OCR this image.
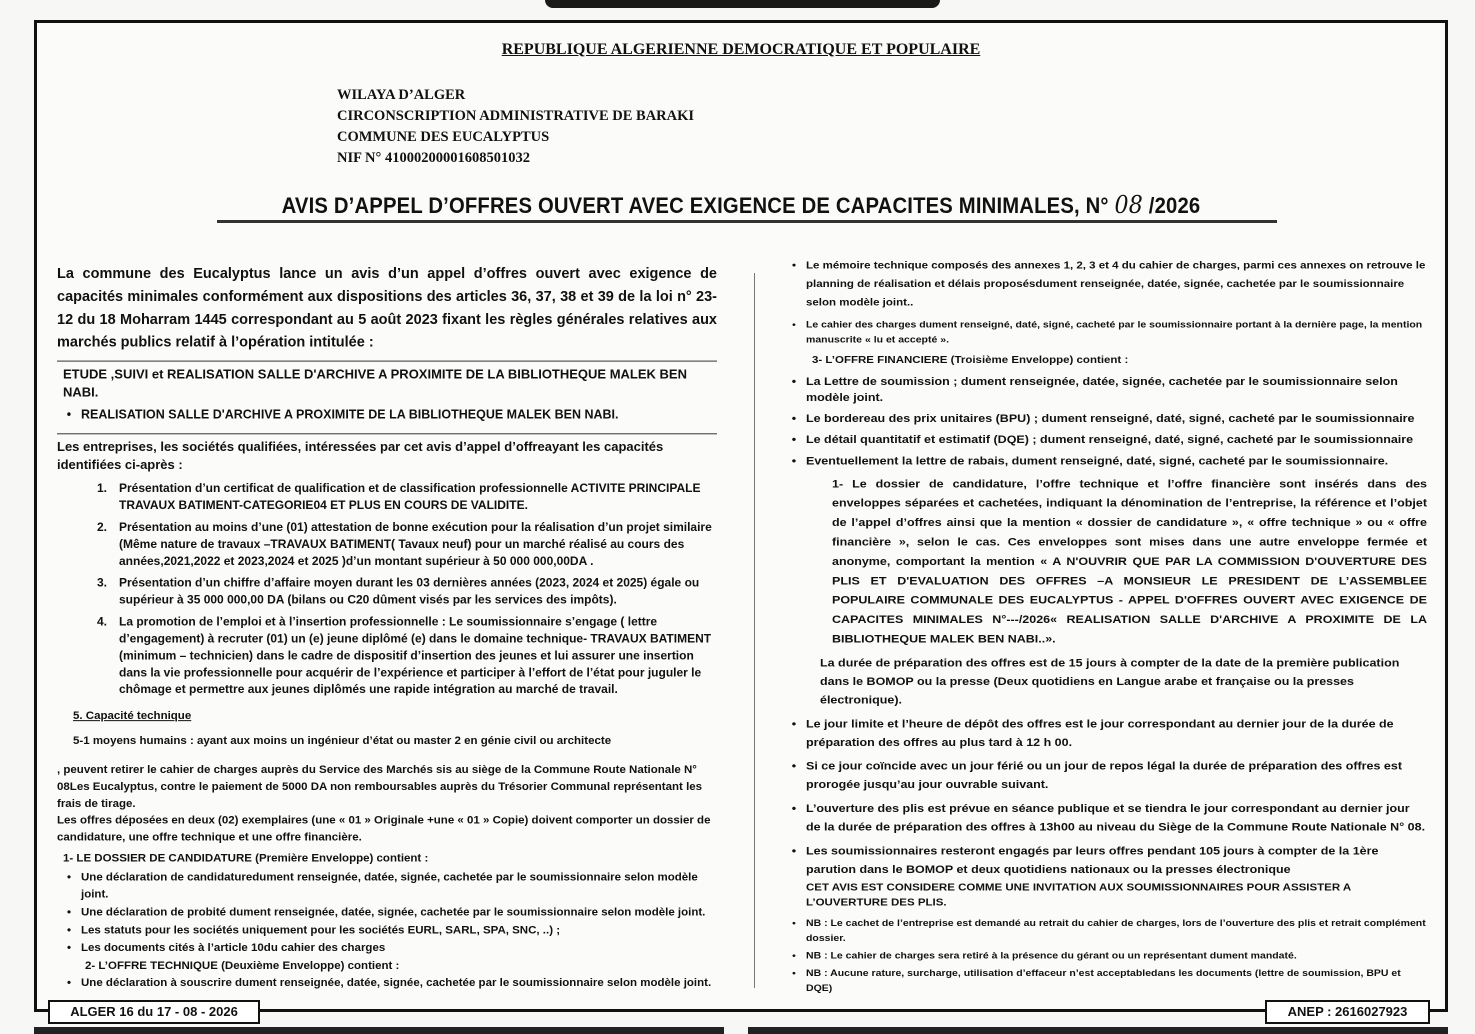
REPUBLIQUE ALGERIENNE DEMOCRATIQUE ET POPULAIRE
WILAYA D’ALGER
CIRCONSCRIPTION ADMINISTRATIVE DE BARAKI
COMMUNE DES EUCALYPTUS
NIF N° 41000200001608501032
AVIS D’APPEL D’OFFRES OUVERT AVEC EXIGENCE DE CAPACITES MINIMALES, N° 08 /2026
La commune des Eucalyptus lance un avis d’un appel d’offres ouvert avec exigence de capacités minimales conformément aux dispositions des articles 36, 37, 38 et 39 de la loi n° 23-12 du 18 Moharram 1445 correspondant au 5 août 2023 fixant les règles générales relatives aux marchés publics relatif à l’opération intitulée :
ETUDE ,SUIVI et REALISATION SALLE D'ARCHIVE A PROXIMITE DE LA BIBLIOTHEQUE MALEK BEN NABI.
• REALISATION SALLE D'ARCHIVE A PROXIMITE DE LA BIBLIOTHEQUE MALEK BEN NABI.
Les entreprises, les sociétés qualifiées, intéressées par cet avis d’appel d’offreayant les capacités identifiées ci-après :
1. Présentation d’un certificat de qualification et de classification professionnelle ACTIVITE PRINCIPALE TRAVAUX BATIMENT-CATEGORIE04 ET PLUS EN COURS DE VALIDITE.
2. Présentation au moins d’une (01) attestation de bonne exécution pour la réalisation d’un projet similaire (Même nature de travaux –TRAVAUX BATIMENT( Tavaux neuf) pour un marché réalisé au cours des années,2021,2022 et 2023,2024 et 2025 )d’un montant supérieur à 50 000 000,00DA .
3. Présentation d’un chiffre d’affaire moyen durant les 03 dernières années (2023, 2024 et 2025) égale ou supérieur à 35 000 000,00 DA (bilans ou C20 dûment visés par les services des impôts).
4. La promotion de l’emploi et à l’insertion professionnelle : Le soumissionnaire s’engage ( lettre d’engagement) à recruter (01) un (e) jeune diplômé (e) dans le domaine technique- TRAVAUX BATIMENT (minimum – technicien) dans le cadre de dispositif d’insertion des jeunes et lui assurer une insertion dans la vie professionnelle pour acquérir de l’expérience et participer à l’effort de l’état pour juguler le chômage et permettre aux jeunes diplômés une rapide intégration au marché de travail.
5. Capacité technique
5-1 moyens humains : ayant aux moins un ingénieur d’état ou master 2 en génie civil ou architecte
, peuvent retirer le cahier de charges auprès du Service des Marchés sis au siège de la Commune Route Nationale N° 08Les Eucalyptus, contre le paiement de 5000 DA non remboursables auprès du Trésorier Communal représentant les frais de tirage.
Les offres déposées en deux (02) exemplaires (une « 01 » Originale +une « 01 » Copie) doivent comporter un dossier de candidature, une offre technique et une offre financière.
1- LE DOSSIER DE CANDIDATURE (Première Enveloppe) contient :
• Une déclaration de candidaturedument renseignée, datée, signée, cachetée par le soumissionnaire selon modèle joint.
• Une déclaration de probité dument renseignée, datée, signée, cachetée par le soumissionnaire selon modèle joint.
• Les statuts pour les sociétés uniquement pour les sociétés EURL, SARL, SPA, SNC, ..) ;
• Les documents cités à l’article 10du cahier des charges
2- L’OFFRE TECHNIQUE (Deuxième Enveloppe) contient :
• Une déclaration à souscrire dument renseignée, datée, signée, cachetée par le soumissionnaire selon modèle joint.
• Le mémoire technique composés des annexes 1, 2, 3 et 4 du cahier de charges, parmi ces annexes on retrouve le planning de réalisation et délais proposésdument renseignée, datée, signée, cachetée par le soumissionnaire selon modèle joint..
• Le cahier des charges dument renseigné, daté, signé, cacheté par le soumissionnaire portant à la dernière page, la mention manuscrite « lu et accepté ».
3- L’OFFRE FINANCIERE (Troisième Enveloppe) contient :
• La Lettre de soumission ; dument renseignée, datée, signée, cachetée par le soumissionnaire selon modèle joint.
• Le bordereau des prix unitaires (BPU) ; dument renseigné, daté, signé, cacheté par le soumissionnaire
• Le détail quantitatif et estimatif (DQE) ; dument renseigné, daté, signé, cacheté par le soumissionnaire
• Eventuellement la lettre de rabais, dument renseigné, daté, signé, cacheté par le soumissionnaire.
1- Le dossier de candidature, l’offre technique et l’offre financière sont insérés dans des enveloppes séparées et cachetées, indiquant la dénomination de l’entreprise, la référence et l’objet de l’appel d’offres ainsi que la mention « dossier de candidature », « offre technique » ou « offre financière », selon le cas. Ces enveloppes sont mises dans une autre enveloppe fermée et anonyme, comportant la mention « A N'OUVRIR QUE PAR LA COMMISSION D'OUVERTURE DES PLIS ET D'EVALUATION DES OFFRES –A MONSIEUR LE PRESIDENT DE L’ASSEMBLEE POPULAIRE COMMUNALE DES EUCALYPTUS - APPEL D'OFFRES OUVERT AVEC EXIGENCE DE CAPACITES MINIMALES N°---/2026« REALISATION SALLE D'ARCHIVE A PROXIMITE DE LA BIBLIOTHEQUE MALEK BEN NABI..».
La durée de préparation des offres est de 15 jours à compter de la date de la première publication dans le BOMOP ou la presse (Deux quotidiens en Langue arabe et française ou la presses électronique).
• Le jour limite et l’heure de dépôt des offres est le jour correspondant au dernier jour de la durée de préparation des offres au plus tard à 12 h 00.
• Si ce jour coïncide avec un jour férié ou un jour de repos légal la durée de préparation des offres est prorogée jusqu’au jour ouvrable suivant.
• L’ouverture des plis est prévue en séance publique et se tiendra le jour correspondant au dernier jour de la durée de préparation des offres à 13h00 au niveau du Siège de la Commune Route Nationale N° 08.
• Les soumissionnaires resteront engagés par leurs offres pendant 105 jours à compter de la 1ère parution dans le BOMOP et deux quotidiens nationaux ou la presses électronique
CET AVIS EST CONSIDERE COMME UNE INVITATION AUX SOUMISSIONNAIRES POUR ASSISTER A L’OUVERTURE DES PLIS.
• NB : Le cachet de l’entreprise est demandé au retrait du cahier de charges, lors de l’ouverture des plis et retrait complément dossier.
• NB : Le cahier de charges sera retiré à la présence du gérant ou un représentant dument mandaté.
• NB : Aucune rature, surcharge, utilisation d’effaceur n’est acceptabledans les documents (lettre de soumission, BPU et DQE)
ALGER 16 du 17 - 08 - 2026	ANEP : 2616027923
